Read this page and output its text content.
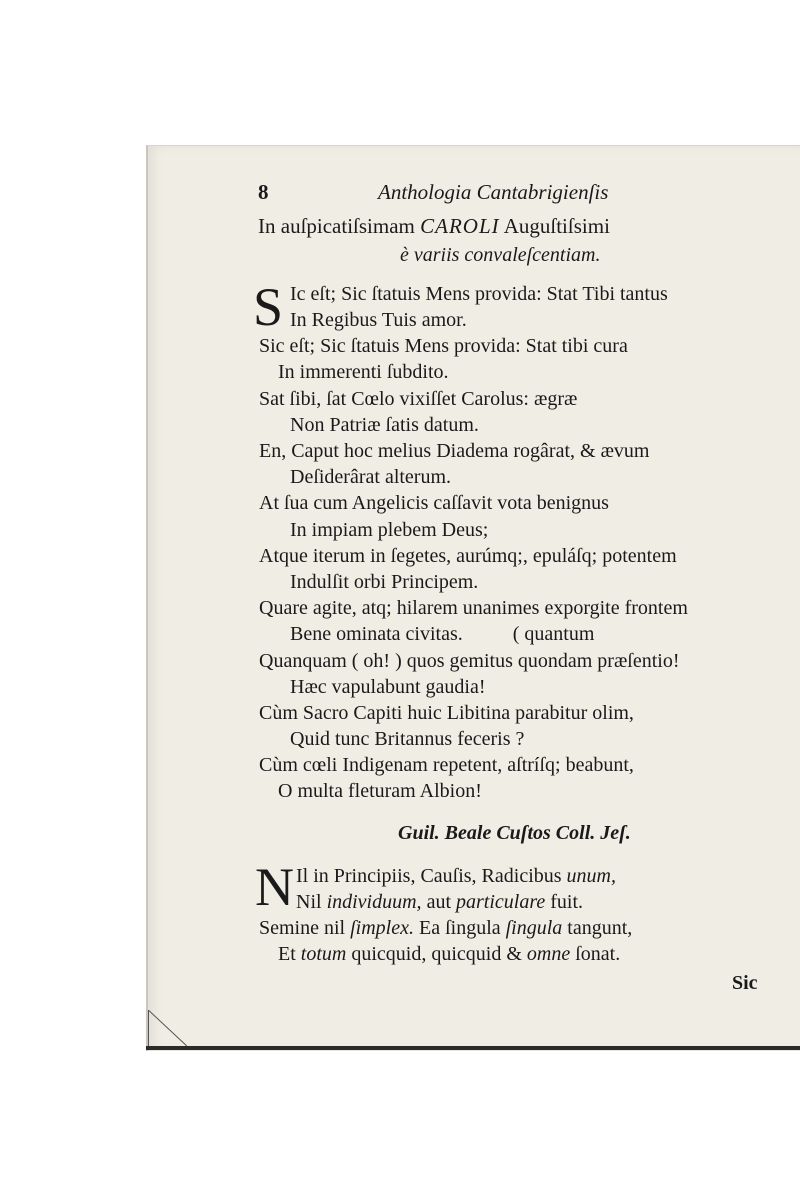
8	Anthologia Cantabrigienſis
In auſpicatiſsimam CAROLI Auguſtiſsimi
è variis convaleſcentiam.
S Ic eſt; Sic ſtatuis Mens provida: Stat Tibi tantus
In Regibus Tuis amor.
Sic eſt; Sic ſtatuis Mens provida: Stat tibi cura
In immerenti ſubdito.
Sat ſibi, ſat Cœlo vixiſſet Carolus: ægræ
Non Patriæ ſatis datum.
En, Caput hoc melius Diadema rogârat, & ævum
Deſiderârat alterum.
At ſua cum Angelicis caſſavit vota benignus
In impiam plebem Deus;
Atque iterum in ſegetes, aurúmq;, epuláſq; potentem
Indulſit orbi Principem.
Quare agite, atq; hilarem unanimes exporgite frontem
Bene ominata civitas.          ( quantum
Quanquam ( oh! ) quos gemitus quondam præſentio!
Hæc vapulabunt gaudia!
Cùm Sacro Capiti huic Libitina parabitur olim,
Quid tunc Britannus feceris ?
Cùm cœli Indigenam repetent, aſtríſq; beabunt,
O multa fleturam Albion!
Guil. Beale Cuſtos Coll. Jeſ.
N Il in Principiis, Cauſis, Radicibus unum,
Nil individuum, aut particulare fuit.
Semine nil ſimplex. Ea ſingula ſingula tangunt,
Et totum quicquid, quicquid & omne ſonat.
Sic
